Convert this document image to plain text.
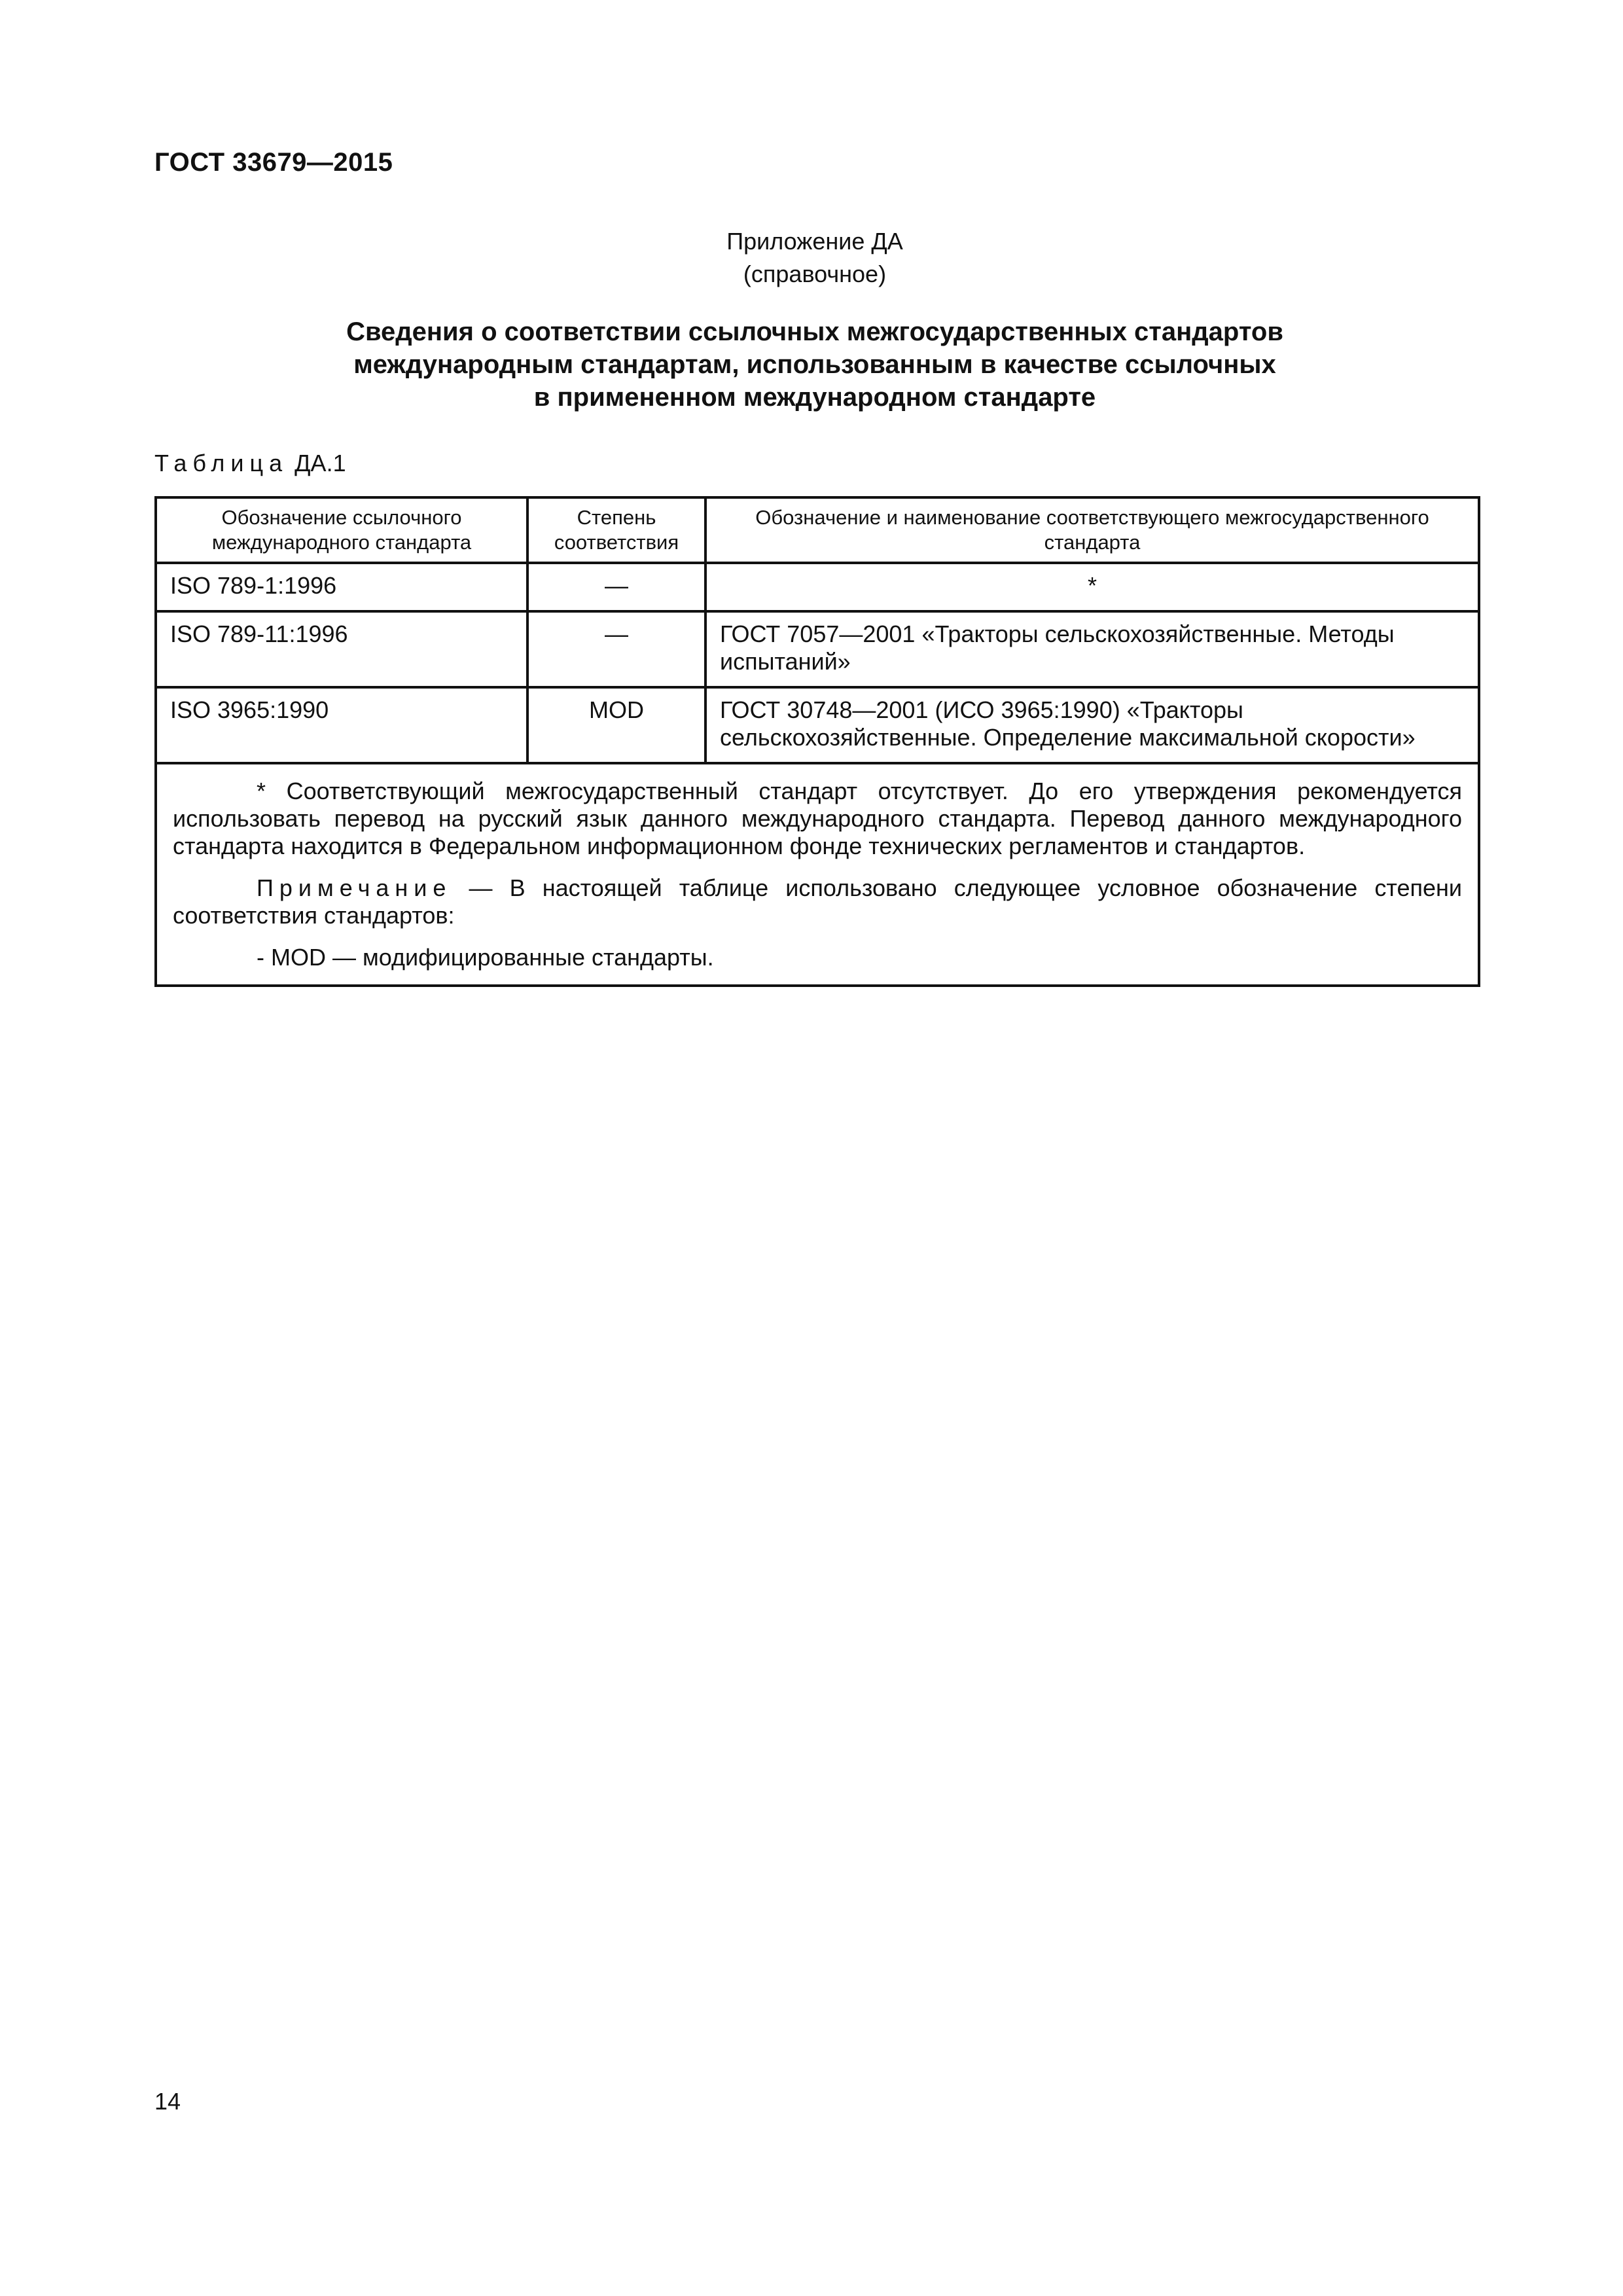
ГОСТ 33679—2015
Приложение ДА
(справочное)
Сведения о соответствии ссылочных межгосударственных стандартов
международным стандартам, использованным в качестве ссылочных
в примененном международном стандарте
Таблица ДА.1
Обозначение ссылочного международного стандарта	Степень соответствия	Обозначение и наименование соответствующего межгосударственного стандарта
ISO 789-1:1996	—	*
ISO 789-11:1996	—	ГОСТ 7057—2001 «Тракторы сельскохозяйственные. Методы испытаний»
ISO 3965:1990	MOD	ГОСТ 30748—2001 (ИСО 3965:1990) «Тракторы сельскохозяйственные. Определение максимальной скорости»

* Соответствующий межгосударственный стандарт отсутствует. До его утверждения рекомендуется использовать перевод на русский язык данного международного стандарта. Перевод данного международного стандарта находится в Федеральном информационном фонде технических регламентов и стандартов.

Примечание — В настоящей таблице использовано следующее условное обозначение степени соответствия стандартов:

- MOD — модифицированные стандарты.		

14
